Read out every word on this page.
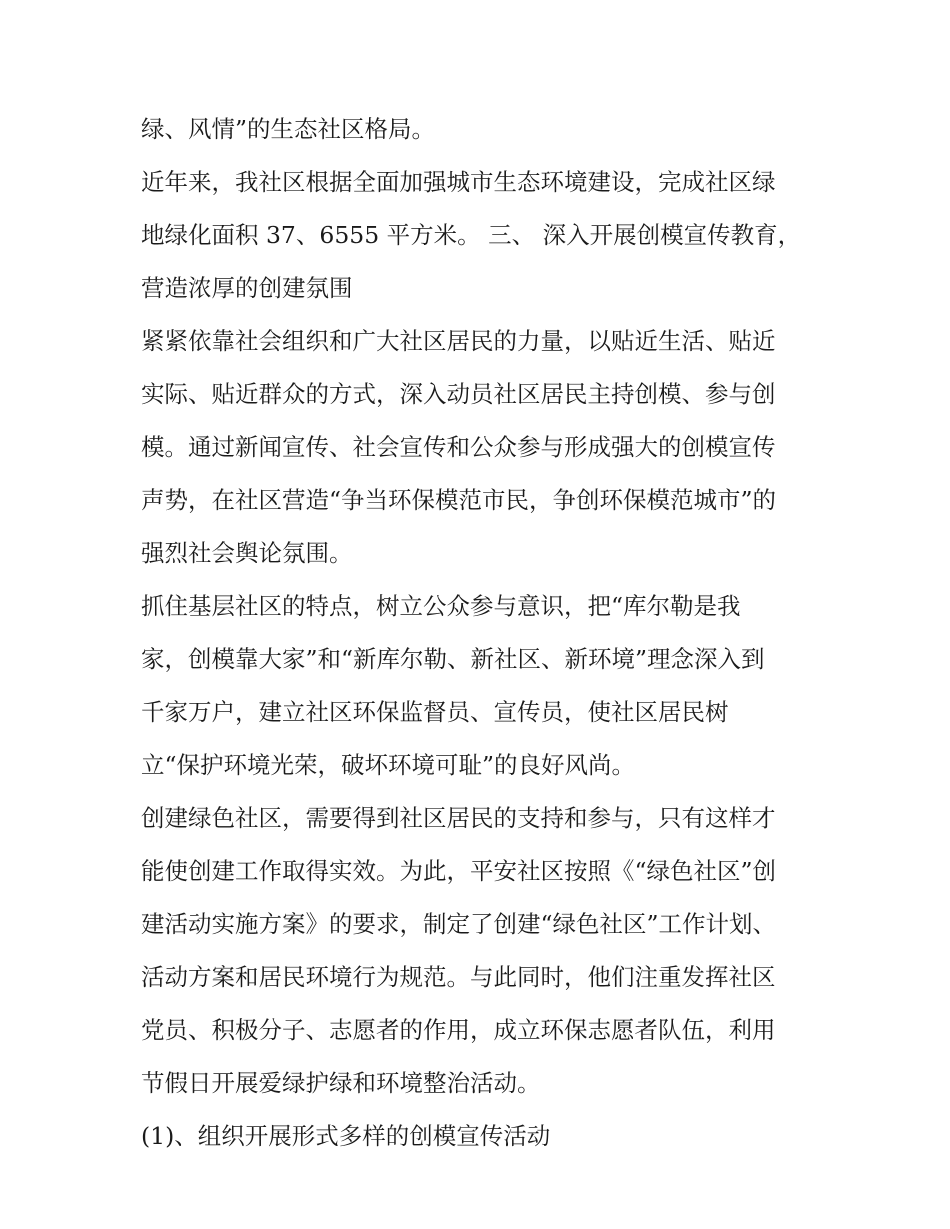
绿、风情”的生态社区格局。
近年来，我社区根据全面加强城市生态环境建设，完成社区绿
地绿化面积 37、6555 平方米。 三、 深入开展创模宣传教育，
营造浓厚的创建氛围
紧紧依靠社会组织和广大社区居民的力量，以贴近生活、贴近
实际、贴近群众的方式，深入动员社区居民主持创模、参与创
模。通过新闻宣传、社会宣传和公众参与形成强大的创模宣传
声势，在社区营造“争当环保模范市民，争创环保模范城市”的
强烈社会舆论氛围。
抓住基层社区的特点，树立公众参与意识，把“库尔勒是我
家，创模靠大家”和“新库尔勒、新社区、新环境”理念深入到
千家万户，建立社区环保监督员、宣传员，使社区居民树
立“保护环境光荣，破坏环境可耻”的良好风尚。
创建绿色社区，需要得到社区居民的支持和参与，只有这样才
能使创建工作取得实效。为此，平安社区按照《“绿色社区”创
建活动实施方案》的要求，制定了创建“绿色社区”工作计划、
活动方案和居民环境行为规范。与此同时，他们注重发挥社区
党员、积极分子、志愿者的作用，成立环保志愿者队伍，利用
节假日开展爱绿护绿和环境整治活动。
(1)、组织开展形式多样的创模宣传活动
